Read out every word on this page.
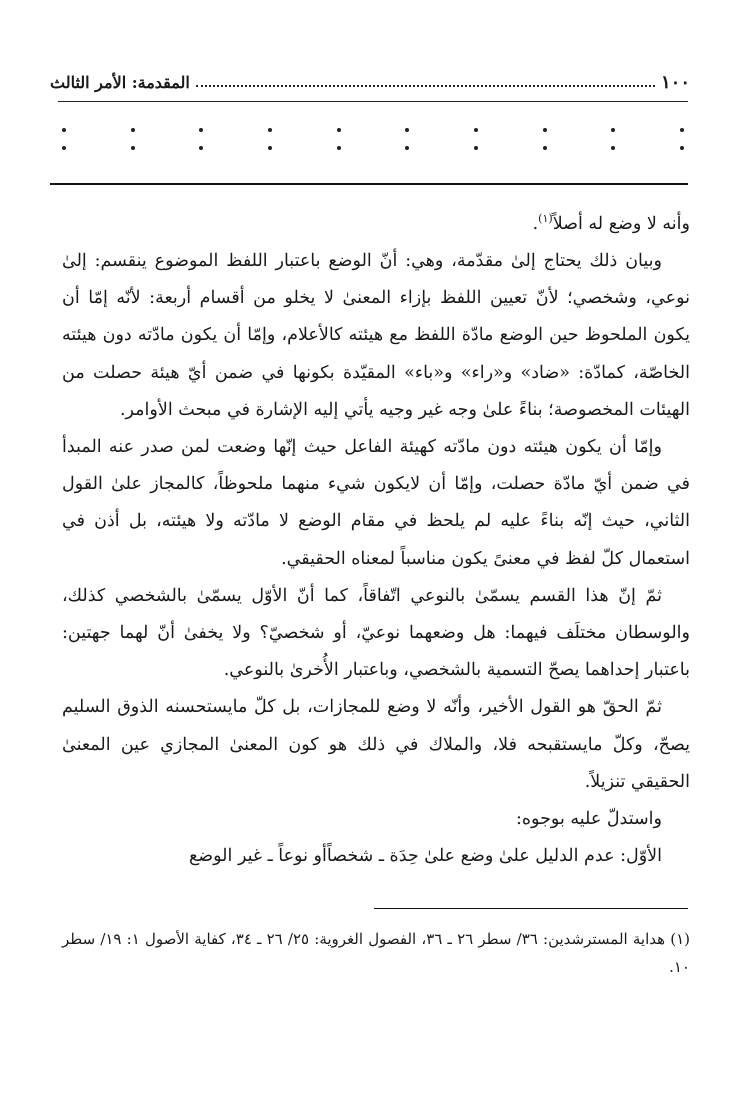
١٠٠
المقدمة: الأمر الثالث

وأنه لا وضع له أصلاً$^{(١)}$.

وبيان ذلك يحتاج إلىٰ مقدّمة، وهي: أنّ الوضع باعتبار اللفظ الموضوع ينقسم: إلىٰ نوعي، وشخصي؛ لأنّ تعيين اللفظ بإزاء المعنىٰ لا يخلو من أقسام أربعة: لأنّه إمّا أن يكون الملحوظ حين الوضع مادّة اللفظ مع هيئته كالأعلام، وإمّا أن يكون مادّته دون هيئته الخاصّة، كمادّة: «ضاد» و«راء» و«باء» المقيّدة بكونها في ضمن أيّ هيئة حصلت من الهيئات المخصوصة؛ بناءً علىٰ وجه غير وجيه يأتي إليه الإشارة في مبحث الأوامر.

وإمّا أن يكون هيئته دون مادّته كهيئة الفاعل حيث إنّها وضعت لمن صدر عنه المبدأ في ضمن أيّ مادّة حصلت، وإمّا أن لايكون شيء منهما ملحوظاً، كالمجاز علىٰ القول الثاني، حيث إنّه بناءً عليه لم يلحظ في مقام الوضع لا مادّته ولا هيئته، بل أذن في استعمال كلّ لفظ في معنىً يكون مناسباً لمعناه الحقيقي.

ثمّ إنّ هذا القسم يسمّىٰ بالنوعي اتّفاقاً، كما أنّ الأوّل يسمّىٰ بالشخصي كذلك، والوسطان مختلَف فيهما: هل وضعهما نوعيّ، أو شخصيّ؟ ولا يخفىٰ أنّ لهما جهتين: باعتبار إحداهما يصحّ التسمية بالشخصي، وباعتبار الأُخرىٰ بالنوعي.

ثمّ الحقّ هو القول الأخير، وأنّه لا وضع للمجازات، بل كلّ مايستحسنه الذوق السليم يصحّ، وكلّ مايستقبحه فلا، والملاك في ذلك هو كون المعنىٰ المجازي عين المعنىٰ الحقيقي تنزيلاً.

واستدلّ عليه بوجوه:

الأوّل: عدم الدليل علىٰ وضع علىٰ حِدَة ـ شخصاًأو نوعاً ـ غير الوضع

(١) هداية المسترشدين: ٣٦/ سطر ٢٦ ـ ٣٦، الفصول الغروية: ٢٥/ ٢٦ ـ ٣٤، كفاية الأصول ١: ١٩/ سطر ١٠.
